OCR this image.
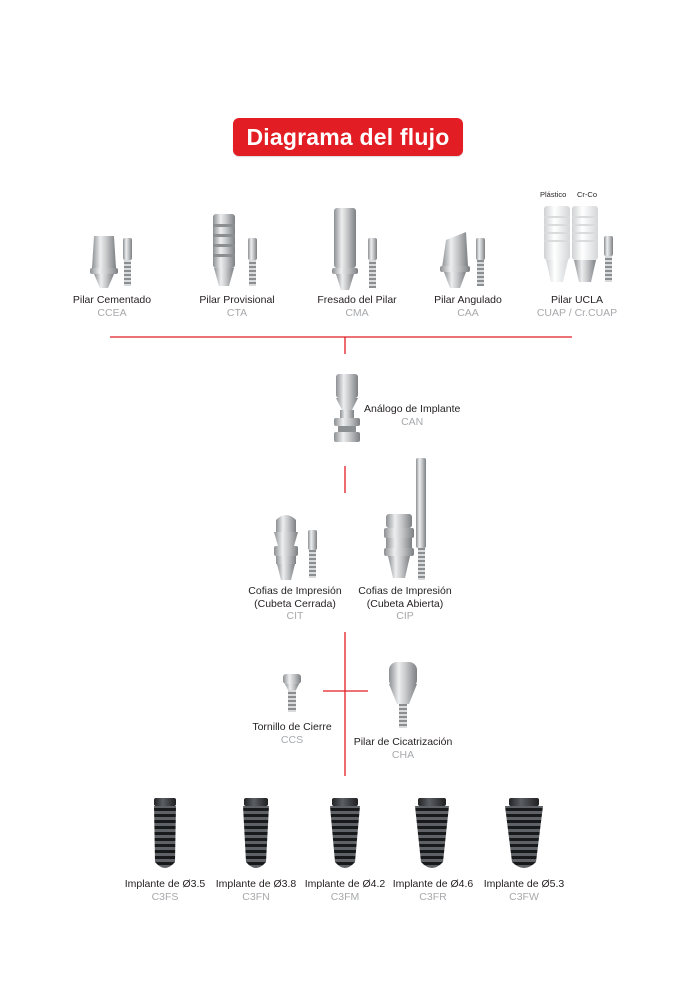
Diagrama del flujo
Pilar Cementado
CCEA
Pilar Provisional
CTA
Fresado del Pilar
CMA
Pilar Angulado
CAA
Plástico Cr-Co
Pilar UCLA
CUAP / Cr.CUAP
Análogo de Implante
CAN
Cofias de Impresión
(Cubeta Cerrada)
CIT
Cofias de Impresión
(Cubeta Abierta)
CIP
Tornillo de Cierre
CCS	Pilar de Cicatrización
CHA
Implante de Ø3.5
C3FS
Implante de Ø3.8
C3FN
Implante de Ø4.2
C3FM
Implante de Ø4.6
C3FR
Implante de Ø5.3
C3FW
